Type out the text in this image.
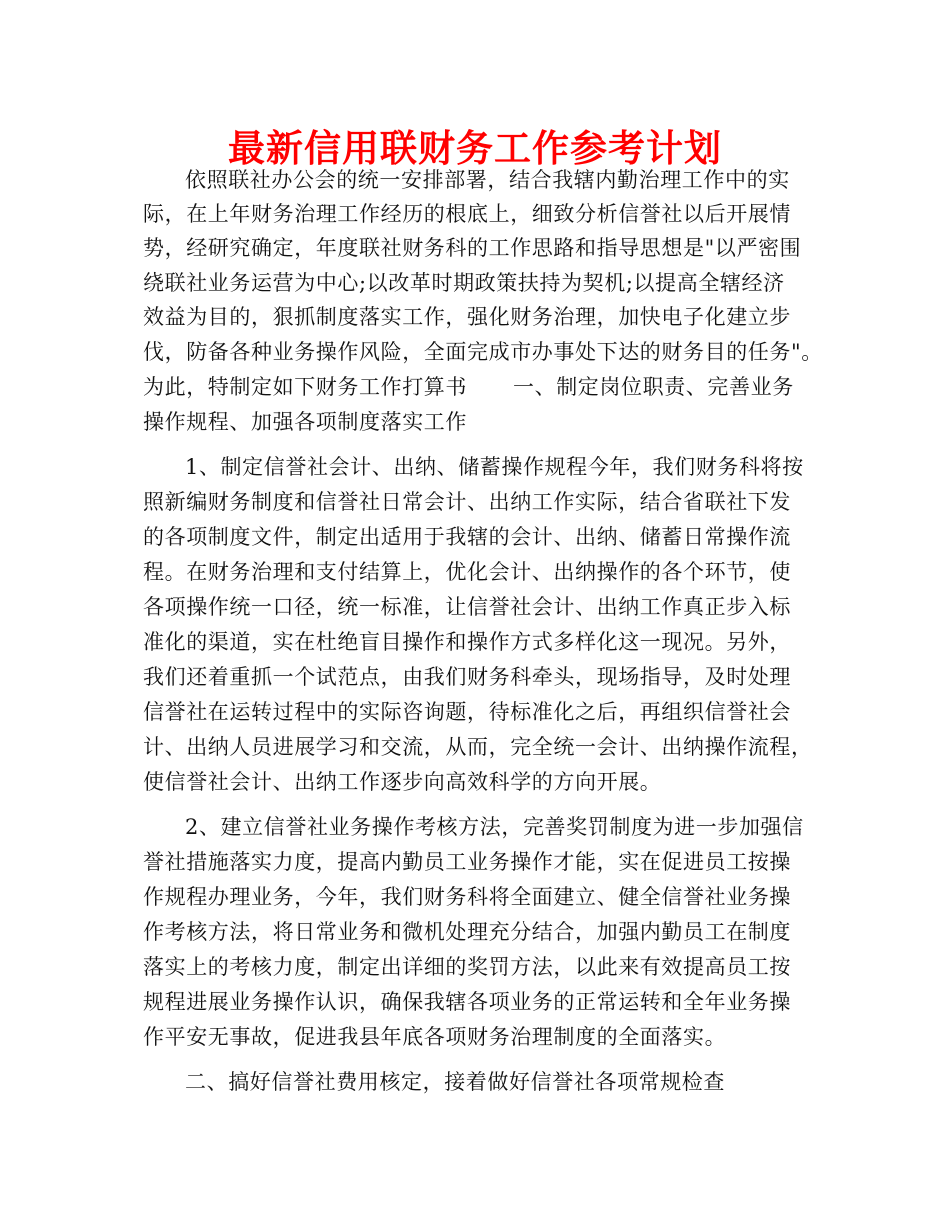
最新信用联财务工作参考计划
依照联社办公会的统一安排部署，结合我辖内勤治理工作中的实
际，在上年财务治理工作经历的根底上，细致分析信誉社以后开展情
势，经研究确定，年度联社财务科的工作思路和指导思想是"以严密围
绕联社业务运营为中心;以改革时期政策扶持为契机;以提高全辖经济
效益为目的，狠抓制度落实工作，强化财务治理，加快电子化建立步
伐，防备各种业务操作风险，全面完成市办事处下达的财务目的任务"。
为此，特制定如下财务工作打算书 一、制定岗位职责、完善业务
操作规程、加强各项制度落实工作
1、制定信誉社会计、出纳、储蓄操作规程今年，我们财务科将按
照新编财务制度和信誉社日常会计、出纳工作实际，结合省联社下发
的各项制度文件，制定出适用于我辖的会计、出纳、储蓄日常操作流
程。在财务治理和支付结算上，优化会计、出纳操作的各个环节，使
各项操作统一口径，统一标准，让信誉社会计、出纳工作真正步入标
准化的渠道，实在杜绝盲目操作和操作方式多样化这一现况。另外，
我们还着重抓一个试范点，由我们财务科牵头，现场指导，及时处理
信誉社在运转过程中的实际咨询题，待标准化之后，再组织信誉社会
计、出纳人员进展学习和交流，从而，完全统一会计、出纳操作流程，
使信誉社会计、出纳工作逐步向高效科学的方向开展。
2、建立信誉社业务操作考核方法，完善奖罚制度为进一步加强信
誉社措施落实力度，提高内勤员工业务操作才能，实在促进员工按操
作规程办理业务，今年，我们财务科将全面建立、健全信誉社业务操
作考核方法，将日常业务和微机处理充分结合，加强内勤员工在制度
落实上的考核力度，制定出详细的奖罚方法，以此来有效提高员工按
规程进展业务操作认识，确保我辖各项业务的正常运转和全年业务操
作平安无事故，促进我县年底各项财务治理制度的全面落实。
二、搞好信誉社费用核定，接着做好信誉社各项常规检查
